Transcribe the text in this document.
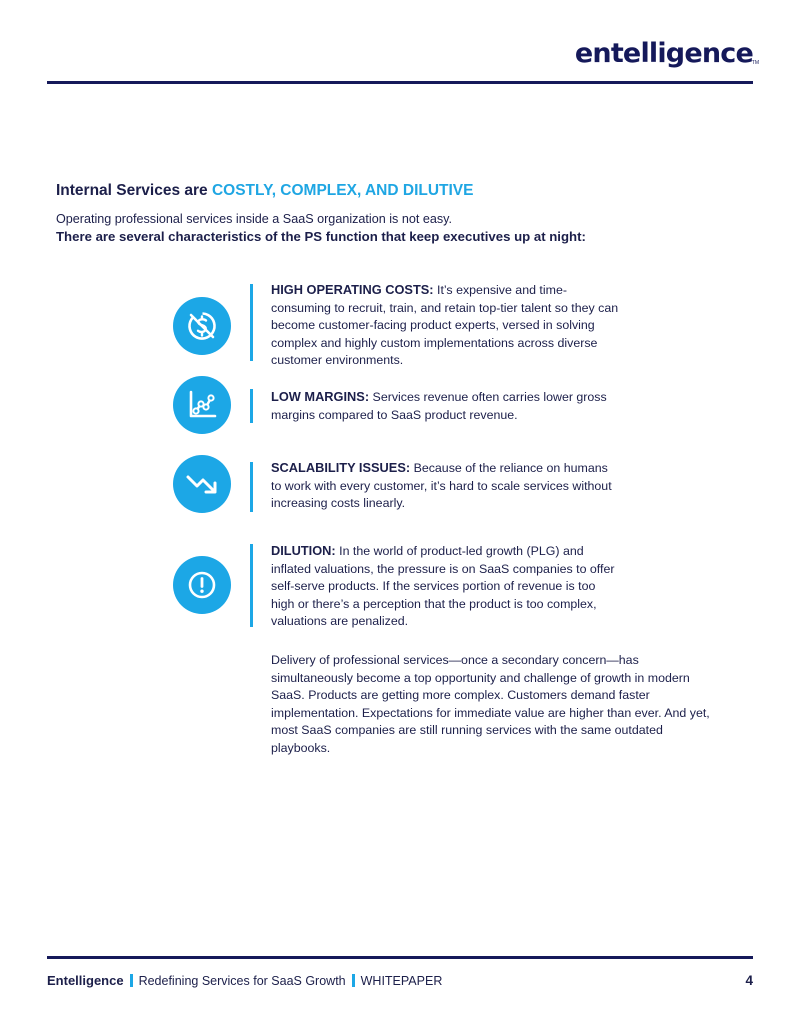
entelligence
TM
Internal Services are COSTLY, COMPLEX, AND DILUTIVE
Operating professional services inside a SaaS organization is not easy.
There are several characteristics of the PS function that keep executives up at night:
HIGH OPERATING COSTS: It’s expensive and time-consuming to recruit, train, and retain top-tier talent so they can become customer-facing product experts, versed in solving complex and highly custom implementations across diverse customer environments.
LOW MARGINS: Services revenue often carries lower gross margins compared to SaaS product revenue.
SCALABILITY ISSUES: Because of the reliance on humans to work with every customer, it’s hard to scale services without increasing costs linearly.
DILUTION: In the world of product-led growth (PLG) and inflated valuations, the pressure is on SaaS companies to offer self-serve products. If the services portion of revenue is too high or there’s a perception that the product is too complex, valuations are penalized.
Delivery of professional services—once a secondary concern—has simultaneously become a top opportunity and challenge of growth in modern SaaS. Products are getting more complex. Customers demand faster implementation. Expectations for immediate value are higher than ever. And yet, most SaaS companies are still running services with the same outdated playbooks.
Entelligence Redefining Services for SaaS Growth WHITEPAPER	4
